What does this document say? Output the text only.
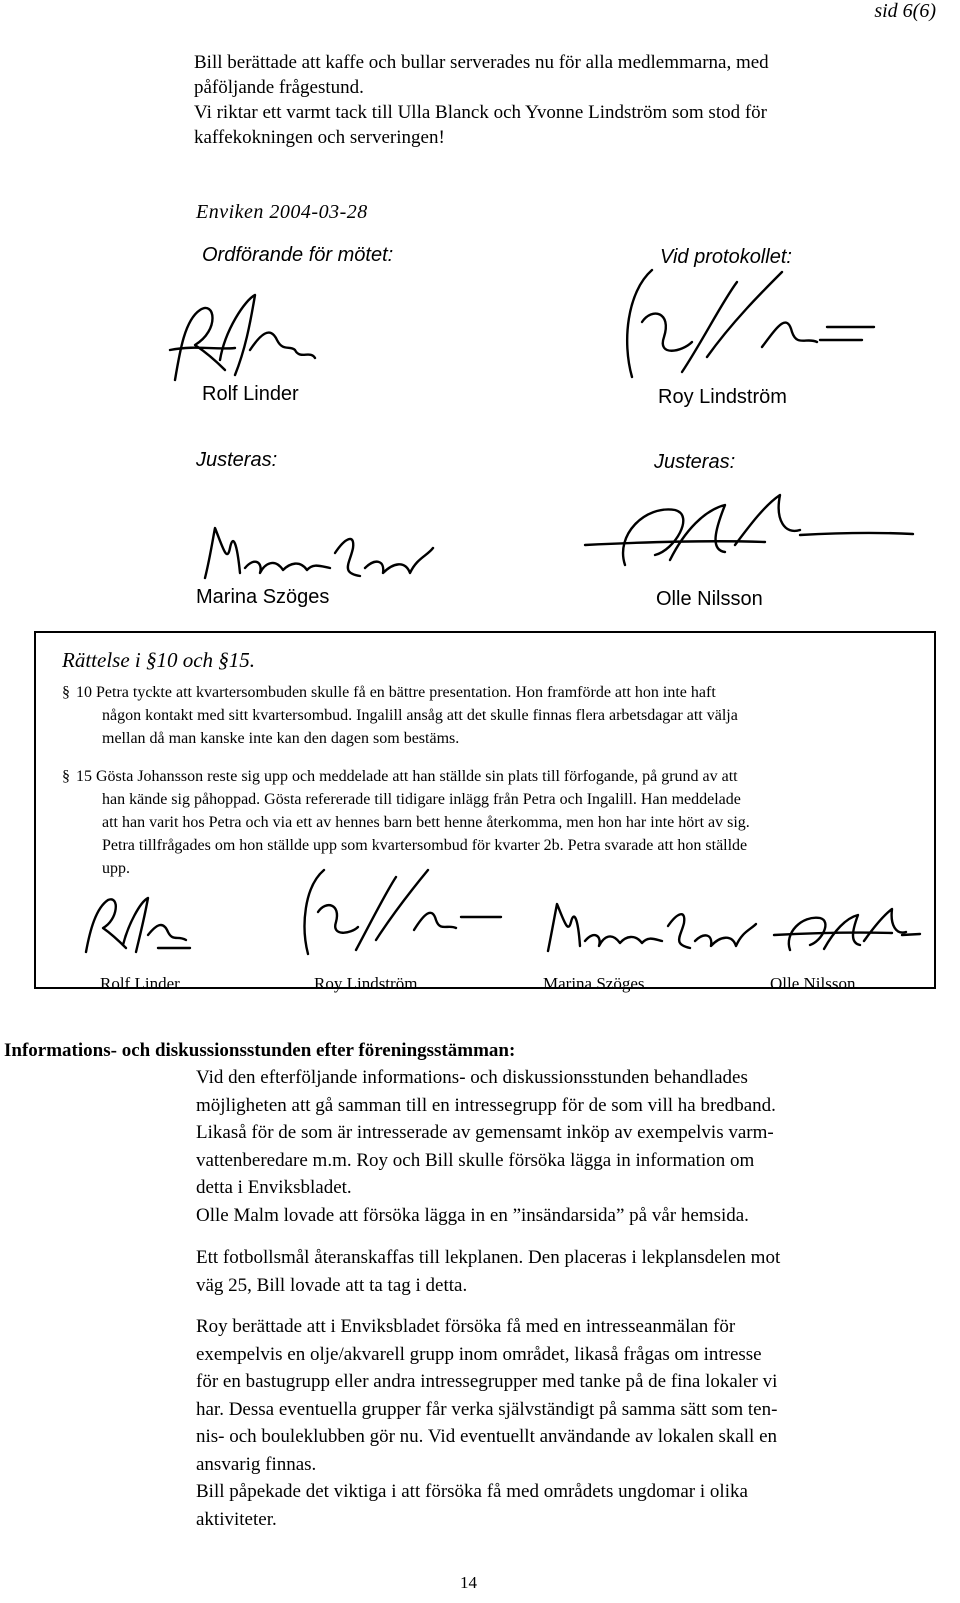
sid 6(6)

Bill berättade att kaffe och bullar serverades nu för alla medlemmarna, med

påföljande frågestund.

Vi riktar ett varmt tack till Ulla Blanck och Yvonne Lindström som stod för

kaffekokningen och serveringen!

Enviken 2004-03-28
Ordförande för mötet:	Vid protokollet:
Rolf Linder	Roy Lindström
Justeras:	Justeras:
Marina Szöges	Olle Nilsson
Rättelse i §10 och §15.
§ 10 Petra tyckte att kvartersombuden skulle få en bättre presentation. Hon framförde att hon inte haft

någon kontakt med sitt kvartersombud. Ingalill ansåg att det skulle finnas flera arbetsdagar att välja

mellan då man kanske inte kan den dagen som bestäms.

§ 15 Gösta Johansson reste sig upp och meddelade att han ställde sin plats till förfogande, på grund av att

han kände sig påhoppad. Gösta refererade till tidigare inlägg från Petra och Ingalill. Han meddelade

att han varit hos Petra och via ett av hennes barn bett henne återkomma, men hon har inte hört av sig.

Petra tillfrågades om hon ställde upp som kvartersombud för kvarter 2b. Petra svarade att hon ställde

upp.

Rolf Linder	Roy Lindström	Marina Szöges	Olle Nilsson
Informations- och diskussionsstunden efter föreningsstämman:

Vid den efterföljande informations- och diskussionsstunden behandlades

möjligheten att gå samman till en intressegrupp för de som vill ha bredband.

Likaså för de som är intresserade av gemensamt inköp av exempelvis varm-

vattenberedare m.m. Roy och Bill skulle försöka lägga in information om

detta i Enviksbladet.

Olle Malm lovade att försöka lägga in en ”insändarsida” på vår hemsida.

Ett fotbollsmål återanskaffas till lekplanen. Den placeras i lekplansdelen mot

väg 25, Bill lovade att ta tag i detta.

Roy berättade att i Enviksbladet försöka få med en intresseanmälan för

exempelvis en olje/akvarell grupp inom området, likaså frågas om intresse

för en bastugrupp eller andra intressegrupper med tanke på de fina lokaler vi

har. Dessa eventuella grupper får verka självständigt på samma sätt som ten-

nis- och bouleklubben gör nu. Vid eventuellt användande av lokalen skall en

ansvarig finnas.

Bill påpekade det viktiga i att försöka få med områdets ungdomar i olika

aktiviteter.

14
